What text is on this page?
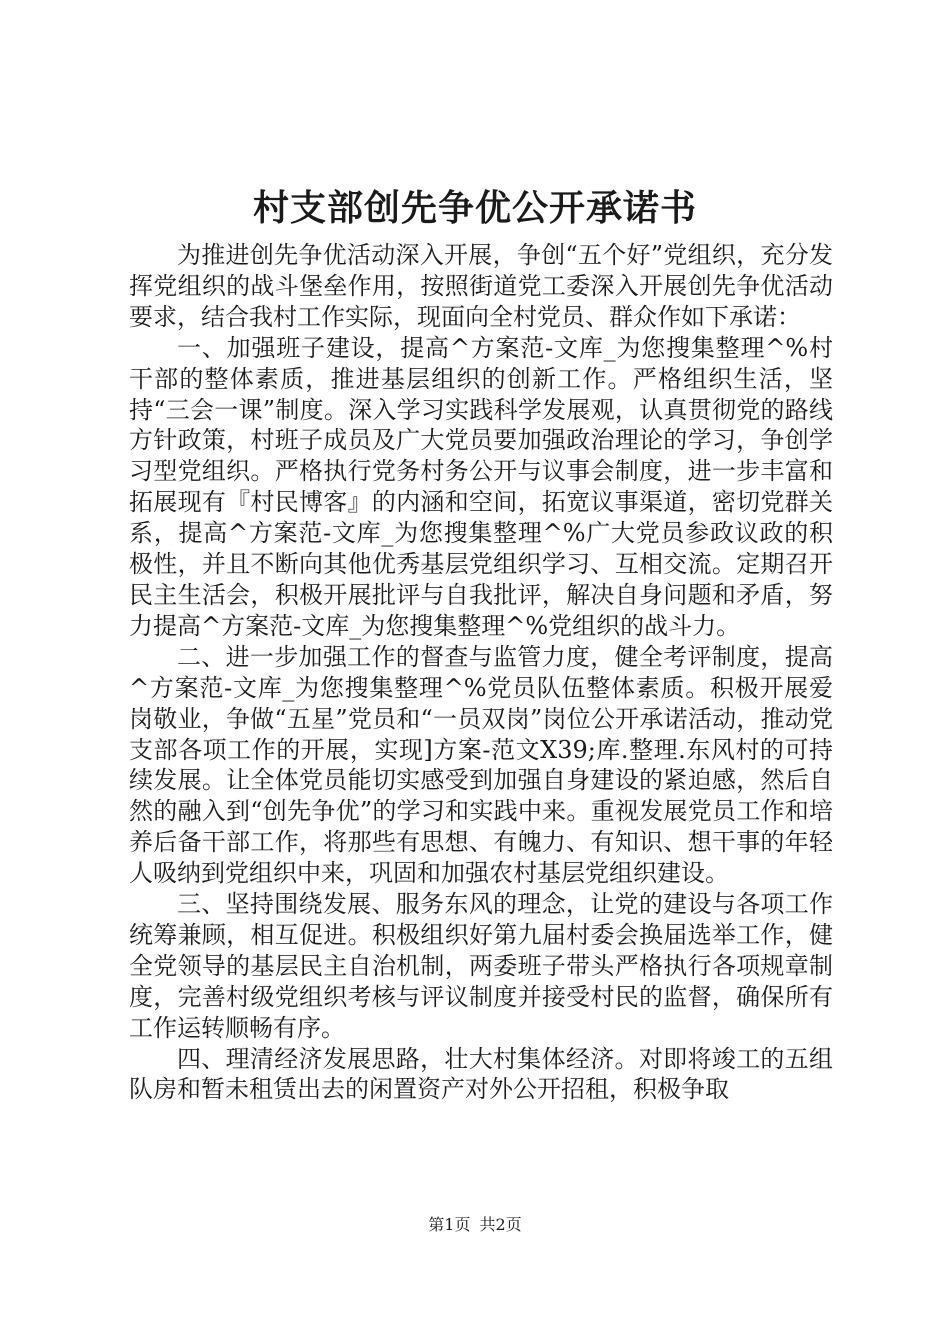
村支部创先争优公开承诺书

为推进创先争优活动深入开展，争创“五个好”党组织，充分发挥党组织的战斗堡垒作用，按照街道党工委深入开展创先争优活动要求，结合我村工作实际，现面向全村党员、群众作如下承诺：

一、加强班子建设，提高^方案范-文库_为您搜集整理^%村干部的整体素质，推进基层组织的创新工作。严格组织生活，坚持“三会一课”制度。深入学习实践科学发展观，认真贯彻党的路线方针政策，村班子成员及广大党员要加强政治理论的学习，争创学习型党组织。严格执行党务村务公开与议事会制度，进一步丰富和拓展现有『村民博客』的内涵和空间，拓宽议事渠道，密切党群关系，提高^方案范-文库_为您搜集整理^%广大党员参政议政的积极性，并且不断向其他优秀基层党组织学习、互相交流。定期召开民主生活会，积极开展批评与自我批评，解决自身问题和矛盾，努力提高^方案范-文库_为您搜集整理^%党组织的战斗力。

二、进一步加强工作的督查与监管力度，健全考评制度，提高^方案范-文库_为您搜集整理^%党员队伍整体素质。积极开展爱岗敬业，争做“五星”党员和“一员双岗”岗位公开承诺活动，推动党支部各项工作的开展，实现]方案-范文X39;库.整理.东风村的可持续发展。让全体党员能切实感受到加强自身建设的紧迫感，然后自然的融入到“创先争优”的学习和实践中来。重视发展党员工作和培养后备干部工作，将那些有思想、有魄力、有知识、想干事的年轻人吸纳到党组织中来，巩固和加强农村基层党组织建设。

三、坚持围绕发展、服务东风的理念，让党的建设与各项工作统筹兼顾，相互促进。积极组织好第九届村委会换届选举工作，健全党领导的基层民主自治机制，两委班子带头严格执行各项规章制度，完善村级党组织考核与评议制度并接受村民的监督，确保所有工作运转顺畅有序。

四、理清经济发展思路，壮大村集体经济。对即将竣工的五组队房和暂未租赁出去的闲置资产对外公开招租，积极争取

第1页 共2页
